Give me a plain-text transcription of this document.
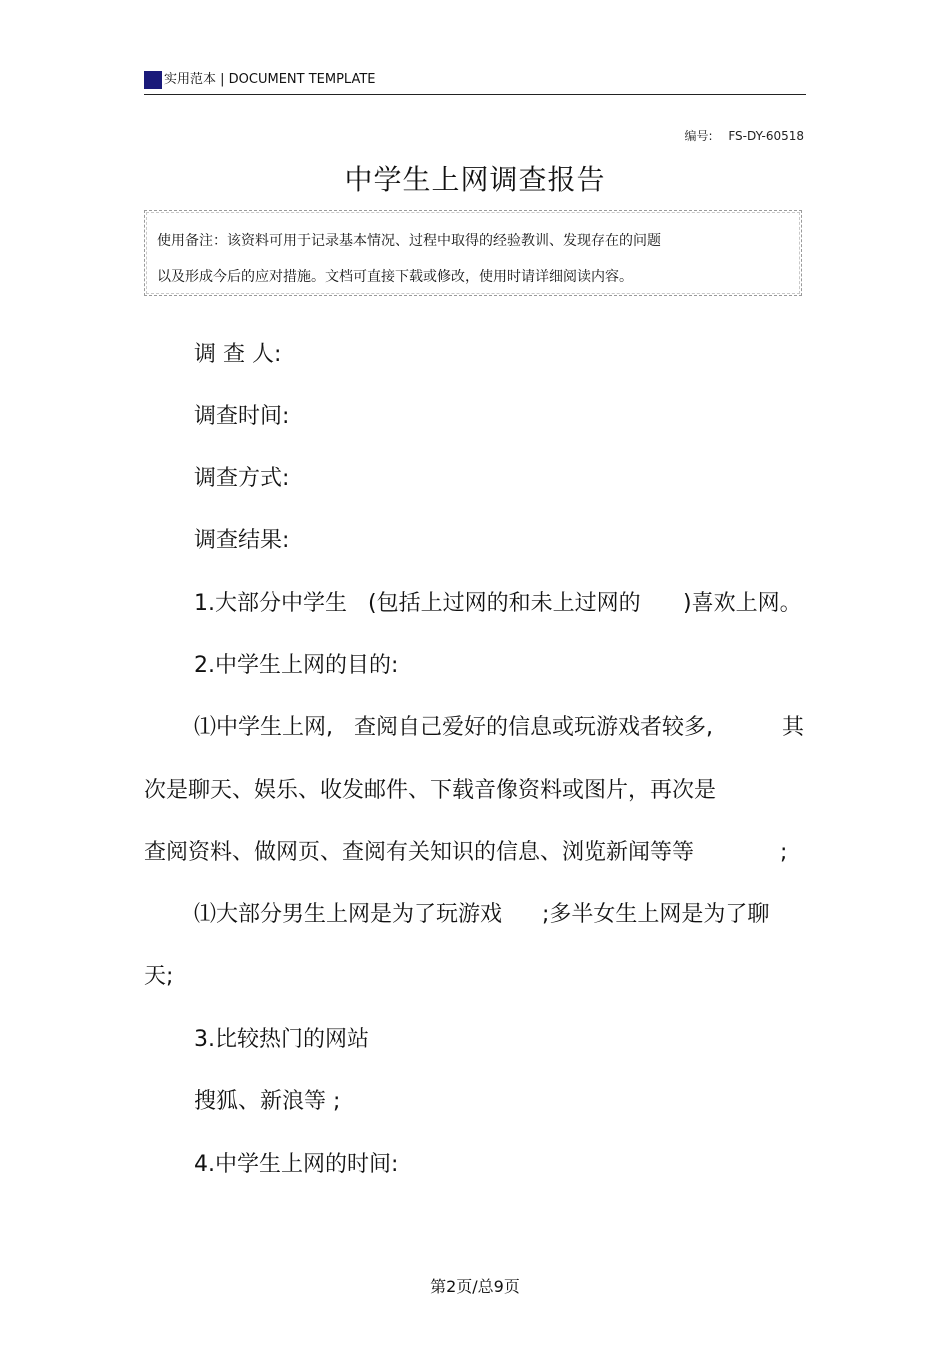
实用范本 | DOCUMENT TEMPLATE
编号: FS-DY-60518
中学生上网调查报告

使用备注：该资料可用于记录基本情况、过程中取得的经验教训、发现存在的问题

以及形成今后的应对措施。文档可直接下载或修改，使用时请详细阅读内容。

调 查 人:
调查时间:
调查方式:
调查结果:
1.大部分中学生 (包括上过网的和未上过网的 )喜欢上网。
2.中学生上网的目的:
⑴中学生上网, 查阅自己爱好的信息或玩游戏者较多,	其
次是聊天、娱乐、收发邮件、下载音像资料或图片，再次是
查阅资料、做网页、查阅有关知识的信息、浏览新闻等等	;
⑴大部分男生上网是为了玩游戏 ;多半女生上网是为了聊
天;
3.比较热门的网站
搜狐、新浪等 ;
4.中学生上网的时间:
第2页/总9页
